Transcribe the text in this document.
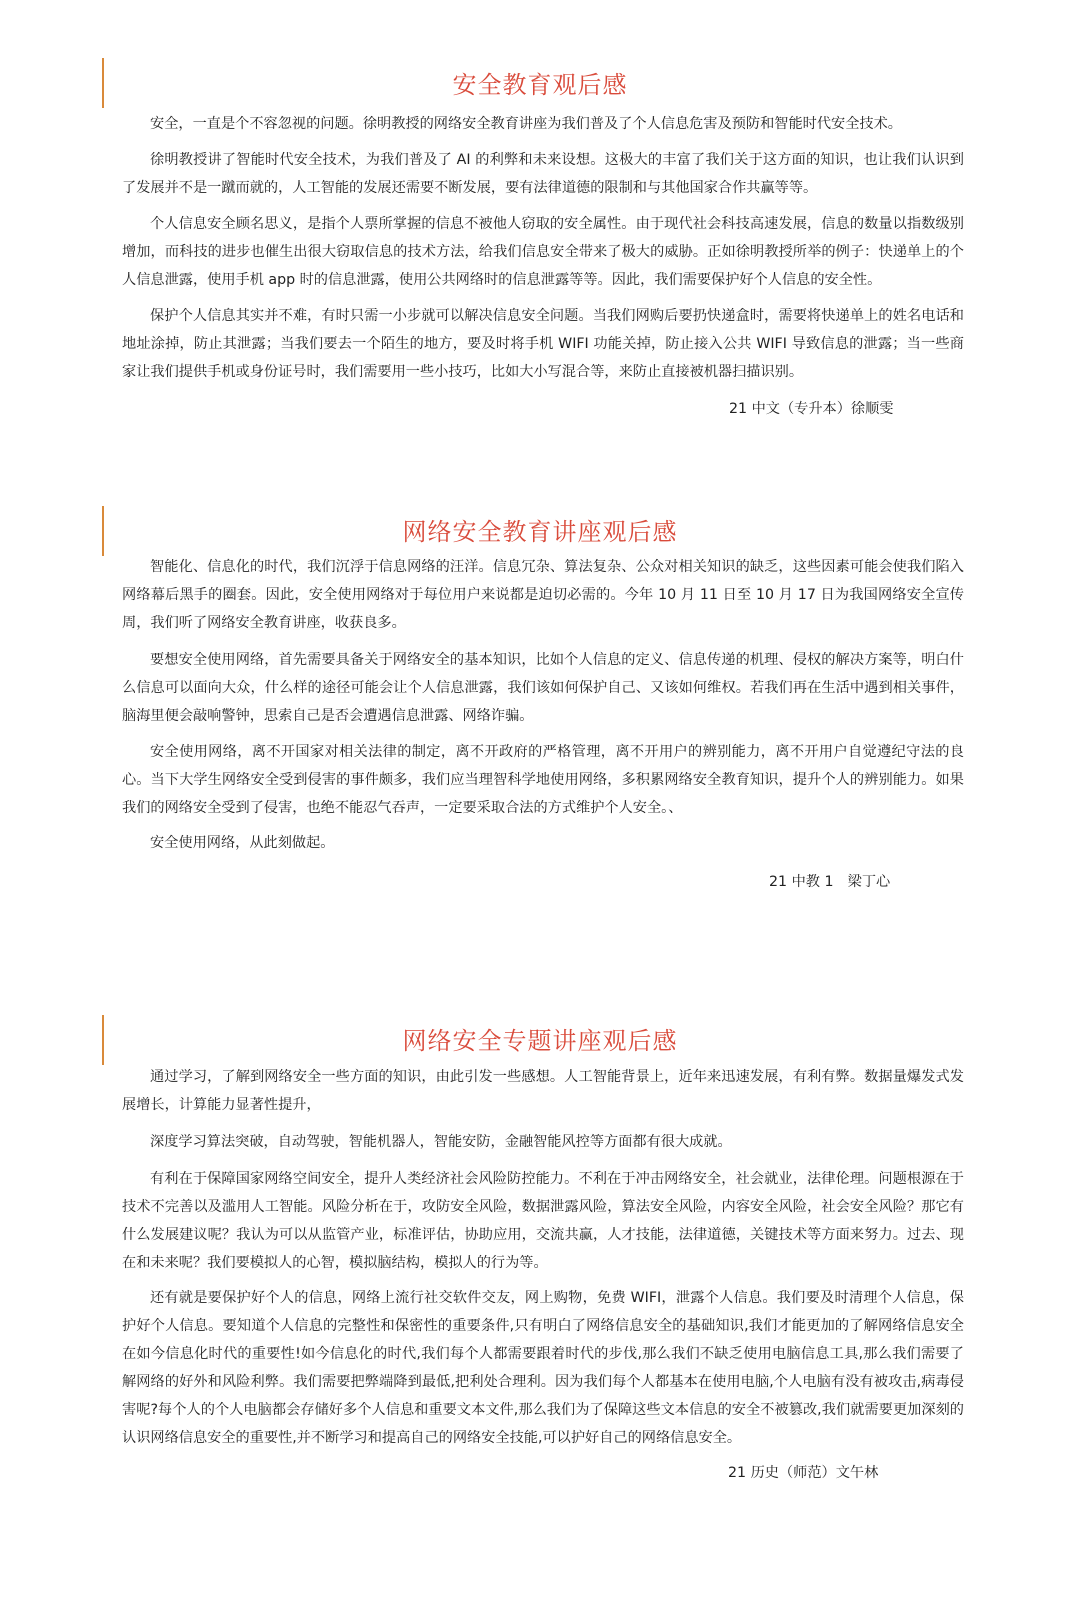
安全教育观后感

安全，一直是个不容忽视的问题。徐明教授的网络安全教育讲座为我们普及了个人信息危害及预防和智能时代安全技术。

徐明教授讲了智能时代安全技术，为我们普及了 AI 的利弊和未来设想。这极大的丰富了我们关于这方面的知识，也让我们认识到了发展并不是一蹴而就的，人工智能的发展还需要不断发展，要有法律道德的限制和与其他国家合作共赢等等。

个人信息安全顾名思义，是指个人票所掌握的信息不被他人窃取的安全属性。由于现代社会科技高速发展，信息的数量以指数级别增加，而科技的进步也催生出很大窃取信息的技术方法，给我们信息安全带来了极大的威胁。正如徐明教授所举的例子：快递单上的个人信息泄露，使用手机 app 时的信息泄露，使用公共网络时的信息泄露等等。因此，我们需要保护好个人信息的安全性。

保护个人信息其实并不难，有时只需一小步就可以解决信息安全问题。当我们网购后要扔快递盒时，需要将快递单上的姓名电话和地址涂掉，防止其泄露；当我们要去一个陌生的地方，要及时将手机 WIFI 功能关掉，防止接入公共 WIFI 导致信息的泄露；当一些商家让我们提供手机或身份证号时，我们需要用一些小技巧，比如大小写混合等，来防止直接被机器扫描识别。

21 中文（专升本）徐顺雯
网络安全教育讲座观后感

智能化、信息化的时代，我们沉浮于信息网络的汪洋。信息冗杂、算法复杂、公众对相关知识的缺乏，这些因素可能会使我们陷入网络幕后黑手的圈套。因此，安全使用网络对于每位用户来说都是迫切必需的。今年 10 月 11 日至 10 月 17 日为我国网络安全宣传周，我们听了网络安全教育讲座，收获良多。

要想安全使用网络，首先需要具备关于网络安全的基本知识，比如个人信息的定义、信息传递的机理、侵权的解决方案等，明白什么信息可以面向大众，什么样的途径可能会让个人信息泄露，我们该如何保护自己、又该如何维权。若我们再在生活中遇到相关事件，脑海里便会敲响警钟，思索自己是否会遭遇信息泄露、网络诈骗。

安全使用网络，离不开国家对相关法律的制定，离不开政府的严格管理，离不开用户的辨别能力，离不开用户自觉遵纪守法的良心。当下大学生网络安全受到侵害的事件颇多，我们应当理智科学地使用网络，多积累网络安全教育知识，提升个人的辨别能力。如果我们的网络安全受到了侵害，也绝不能忍气吞声，一定要采取合法的方式维护个人安全。、

安全使用网络，从此刻做起。

21 中教 1　梁丁心
网络安全专题讲座观后感

通过学习，了解到网络安全一些方面的知识，由此引发一些感想。人工智能背景上，近年来迅速发展，有利有弊。数据量爆发式发展增长，计算能力显著性提升，

深度学习算法突破，自动驾驶，智能机器人，智能安防，金融智能风控等方面都有很大成就。

有利在于保障国家网络空间安全，提升人类经济社会风险防控能力。不利在于冲击网络安全，社会就业，法律伦理。问题根源在于技术不完善以及滥用人工智能。风险分析在于，攻防安全风险，数据泄露风险，算法安全风险，内容安全风险，社会安全风险？那它有什么发展建议呢？我认为可以从监管产业，标准评估，协助应用，交流共赢，人才技能，法律道德，关键技术等方面来努力。过去、现在和未来呢？我们要模拟人的心智，模拟脑结构，模拟人的行为等。

还有就是要保护好个人的信息，网络上流行社交软件交友，网上购物，免费 WIFI，泄露个人信息。我们要及时清理个人信息，保护好个人信息。要知道个人信息的完整性和保密性的重要条件,只有明白了网络信息安全的基础知识,我们才能更加的了解网络信息安全在如今信息化时代的重要性!如今信息化的时代,我们每个人都需要跟着时代的步伐,那么我们不缺乏使用电脑信息工具,那么我们需要了解网络的好外和风险利弊。我们需要把弊端降到最低,把利处合理利。因为我们每个人都基本在使用电脑,个人电脑有没有被攻击,病毒侵害呢?每个人的个人电脑都会存储好多个人信息和重要文本文件,那么我们为了保障这些文本信息的安全不被篡改,我们就需要更加深刻的认识网络信息安全的重要性,并不断学习和提高自己的网络安全技能,可以护好自己的网络信息安全。

21 历史（师范）文午林
